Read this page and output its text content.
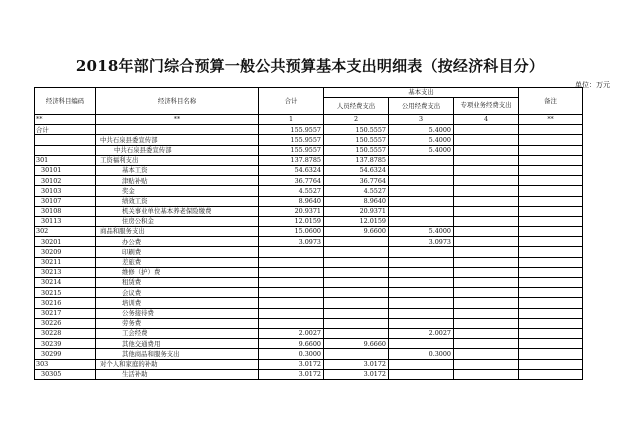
2018年部门综合预算一般公共预算基本支出明细表（按经济科目分）
单位：万元
经济科目编码	经济科目名称	合计	基本支出			备注
			人员经费支出	公用经费支出	专项业务经费支出	
**	**	1	2	3	4	**
合计		155.9557	150.5557	5.4000		
	中共石泉县委宣传部	155.9557	150.5557	5.4000		
	中共石泉县委宣传部	155.9557	150.5557	5.4000		
301	工资福利支出	137.8785	137.8785			
30101	基本工资	54.6324	54.6324			
30102	津贴补贴	36.7764	36.7764			
30103	奖金	4.5527	4.5527			
30107	绩效工资	8.9640	8.9640			
30108	机关事业单位基本养老保险缴费	20.9371	20.9371			
30113	住房公积金	12.0159	12.0159			
302	商品和服务支出	15.0600	9.6600	5.4000		
30201	办公费	3.0973		3.0973		
30209	印刷费					
30211	差旅费					
30213	维修（护）费					
30214	租赁费					
30215	会议费					
30216	培训费					
30217	公务接待费					
30226	劳务费					
30228	工会经费	2.0027		2.0027		
30239	其他交通费用	9.6600	9.6660			
30299	其他商品和服务支出	0.3000		0.3000		
303	对个人和家庭的补助	3.0172	3.0172			
30305	生活补助	3.0172	3.0172			
